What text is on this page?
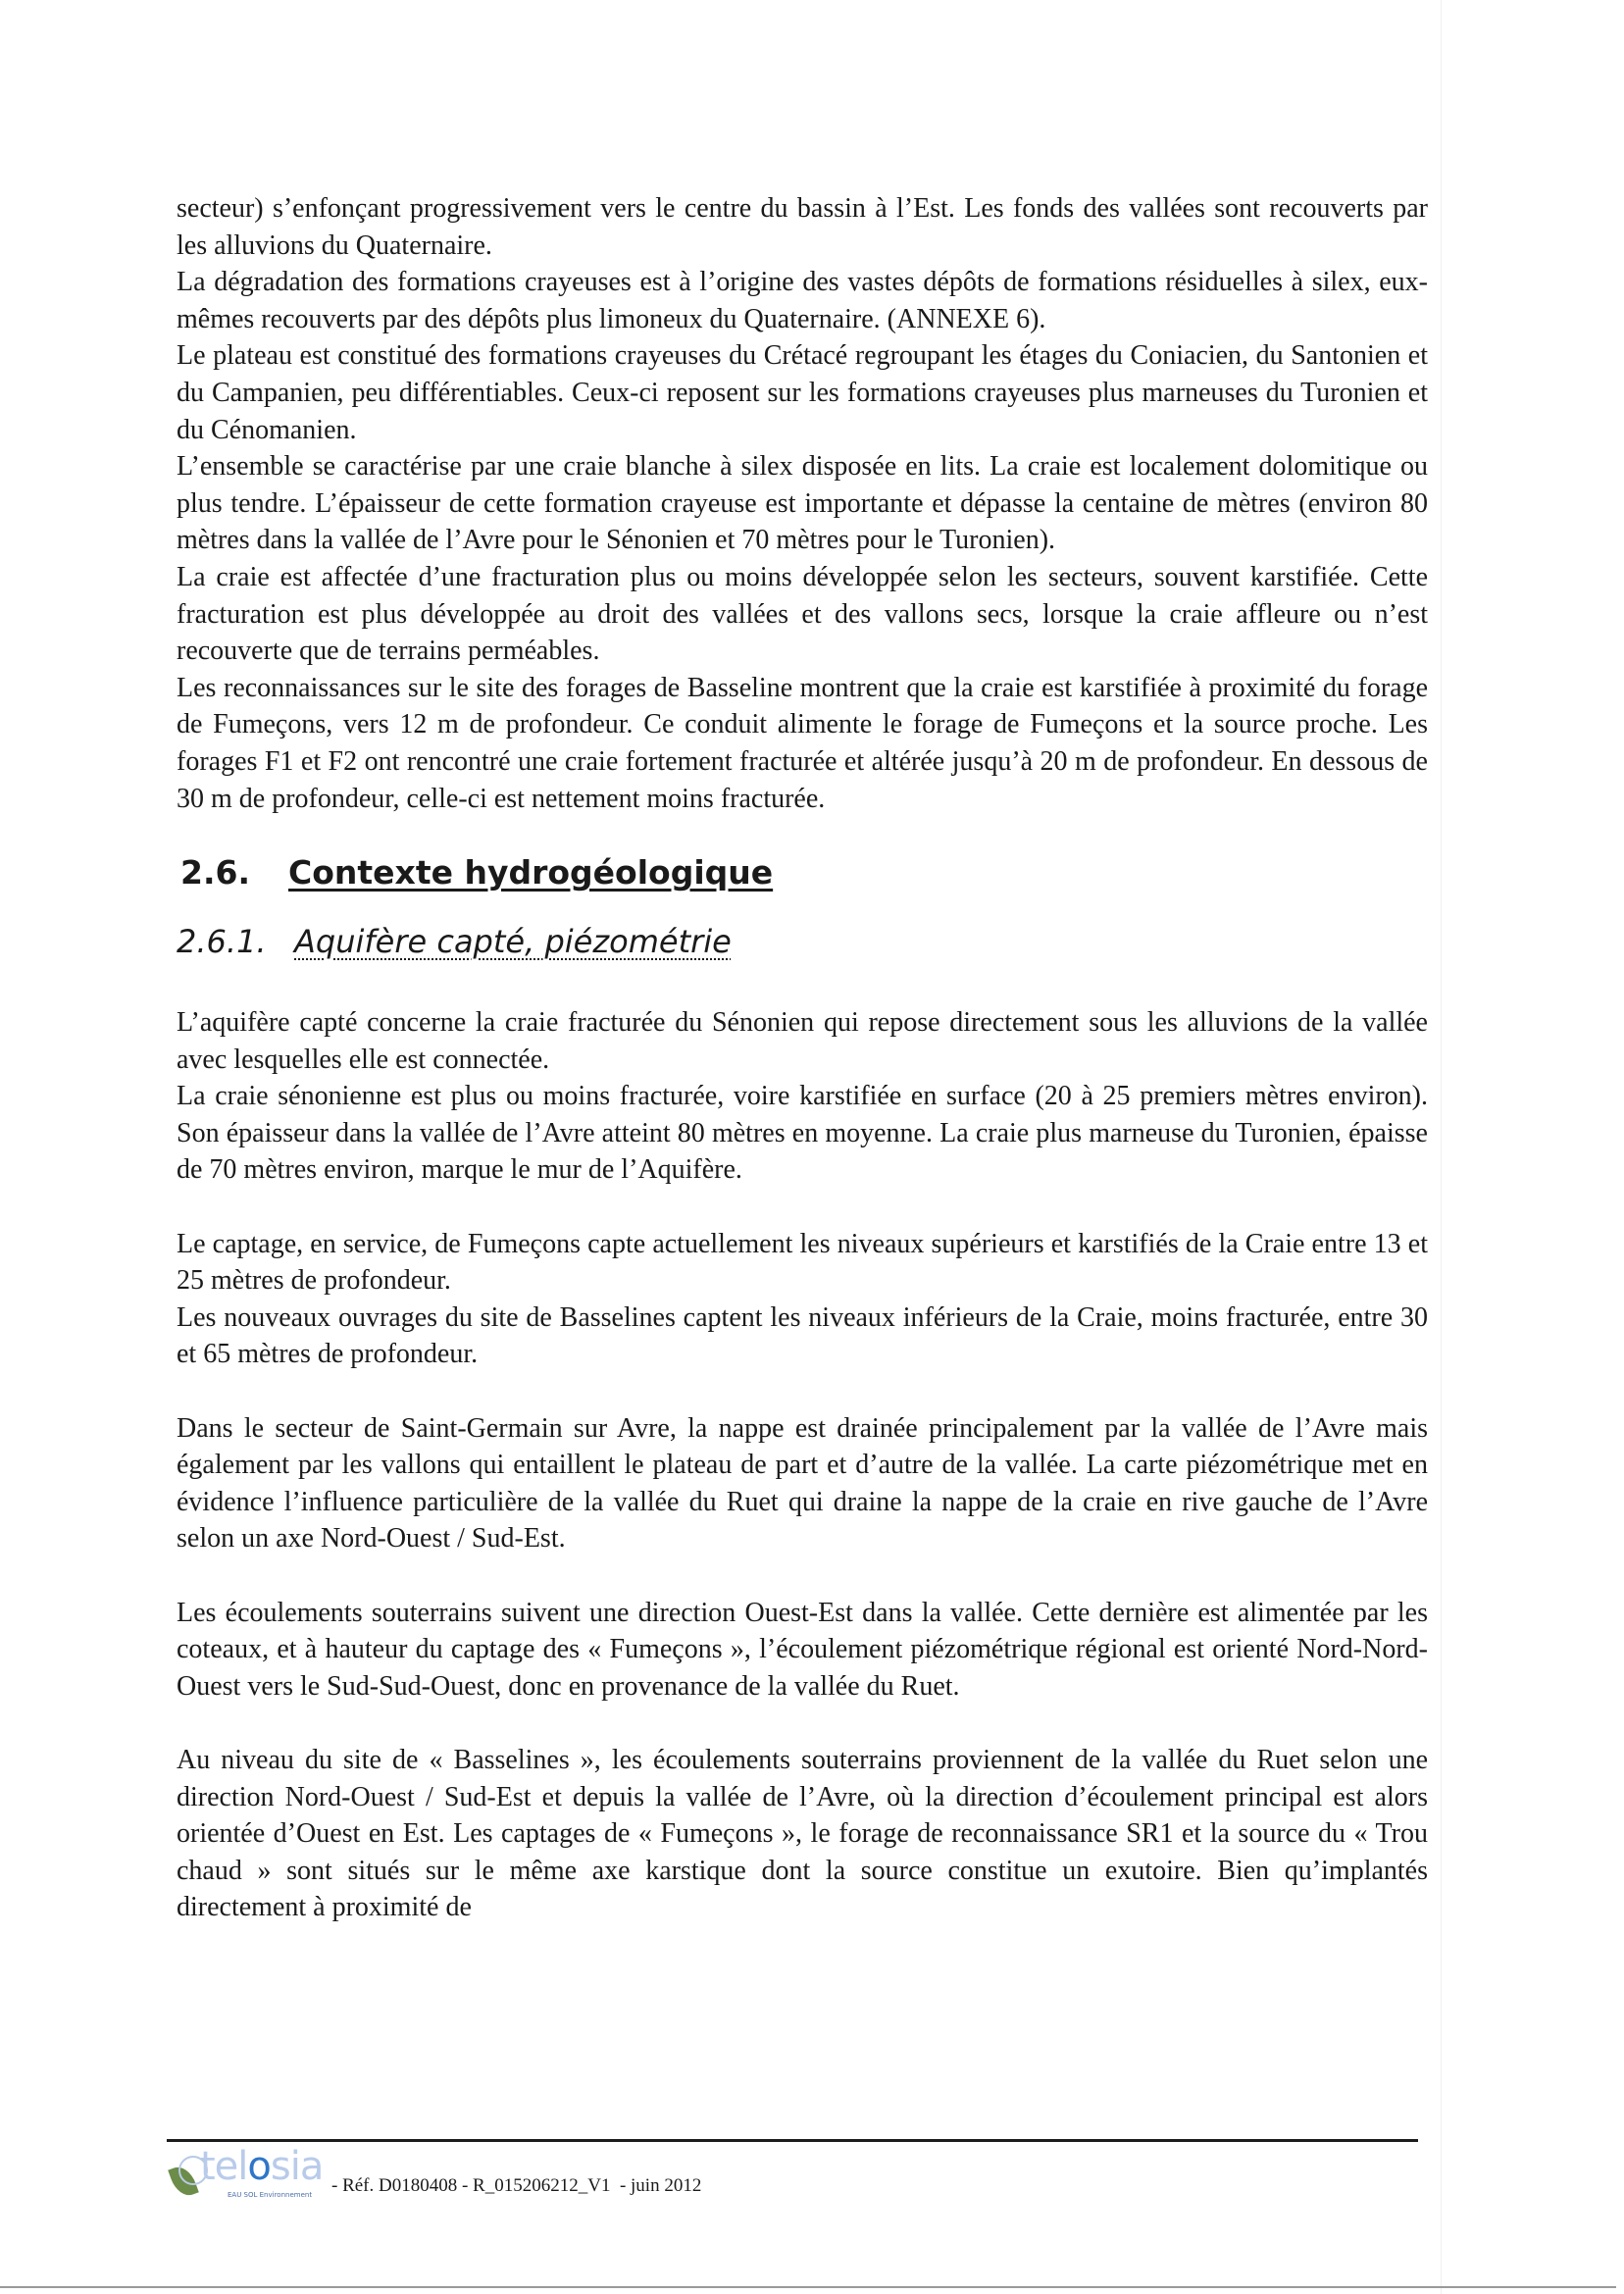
secteur) s’enfonçant progressivement vers le centre du bassin à l’Est. Les fonds des vallées sont recouverts par les alluvions du Quaternaire.

La dégradation des formations crayeuses est à l’origine des vastes dépôts de formations résiduelles à silex, eux-mêmes recouverts par des dépôts plus limoneux du Quaternaire. (ANNEXE 6).

Le plateau est constitué des formations crayeuses du Crétacé regroupant les étages du Coniacien, du Santonien et du Campanien, peu différentiables. Ceux-ci reposent sur les formations crayeuses plus marneuses du Turonien et du Cénomanien.

L’ensemble se caractérise par une craie blanche à silex disposée en lits. La craie est localement dolomitique ou plus tendre. L’épaisseur de cette formation crayeuse est importante et dépasse la centaine de mètres (environ 80 mètres dans la vallée de l’Avre pour le Sénonien et 70 mètres pour le Turonien).

La craie est affectée d’une fracturation plus ou moins développée selon les secteurs, souvent karstifiée. Cette fracturation est plus développée au droit des vallées et des vallons secs, lorsque la craie affleure ou n’est recouverte que de terrains perméables.

Les reconnaissances sur le site des forages de Basseline montrent que la craie est karstifiée à proximité du forage de Fumeçons, vers 12 m de profondeur. Ce conduit alimente le forage de Fumeçons et la source proche. Les forages F1 et F2 ont rencontré une craie fortement fracturée et altérée jusqu’à 20 m de profondeur. En dessous de 30 m de profondeur, celle-ci est nettement moins fracturée.

2.6. Contexte hydrogéologique
2.6.1. Aquifère capté, piézométrie

L’aquifère capté concerne la craie fracturée du Sénonien qui repose directement sous les alluvions de la vallée avec lesquelles elle est connectée.

La craie sénonienne est plus ou moins fracturée, voire karstifiée en surface (20 à 25 premiers mètres environ). Son épaisseur dans la vallée de l’Avre atteint 80 mètres en moyenne. La craie plus marneuse du Turonien, épaisse de 70 mètres environ, marque le mur de l’Aquifère.

Le captage, en service, de Fumeçons capte actuellement les niveaux supérieurs et karstifiés de la Craie entre 13 et 25 mètres de profondeur.

Les nouveaux ouvrages du site de Basselines captent les niveaux inférieurs de la Craie, moins fracturée, entre 30 et 65 mètres de profondeur.

Dans le secteur de Saint-Germain sur Avre, la nappe est drainée principalement par la vallée de l’Avre mais également par les vallons qui entaillent le plateau de part et d’autre de la vallée. La carte piézométrique met en évidence l’influence particulière de la vallée du Ruet qui draine la nappe de la craie en rive gauche de l’Avre selon un axe Nord-Ouest / Sud-Est.

Les écoulements souterrains suivent une direction Ouest-Est dans la vallée. Cette dernière est alimentée par les coteaux, et à hauteur du captage des « Fumeçons », l’écoulement piézométrique régional est orienté Nord-Nord-Ouest vers le Sud-Sud-Ouest, donc en provenance de la vallée du Ruet.

Au niveau du site de « Basselines », les écoulements souterrains proviennent de la vallée du Ruet selon une direction Nord-Ouest / Sud-Est et depuis la vallée de l’Avre, où la direction d’écoulement principal est alors orientée d’Ouest en Est. Les captages de « Fumeçons », le forage de reconnaissance SR1 et la source du « Trou chaud » sont situés sur le même axe karstique dont la source constitue un exutoire. Bien qu’implantés directement à proximité de

telosia
EAU SOL Environnement - Réf. D0180408 - R_015206212_V1  - juin 2012
